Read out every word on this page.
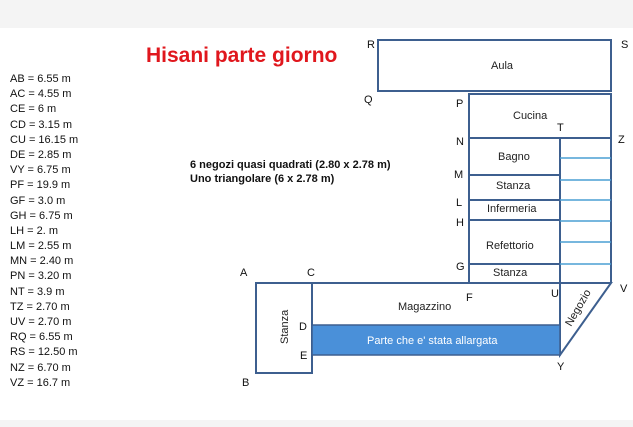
Hisani parte giorno
AB = 6.55 m
AC = 4.55 m
CE = 6 m
CD = 3.15 m
CU = 16.15 m
DE = 2.85 m
VY = 6.75 m
PF = 19.9 m
GF = 3.0 m
GH = 6.75 m
LH = 2. m
LM = 2.55 m
MN = 2.40 m
PN = 3.20 m
NT = 3.9 m
TZ = 2.70 m
UV = 2.70 m
RQ = 6.55 m
RS = 12.50 m
NZ = 6.70 m
VZ = 16.7 m
6 negozi quasi quadrati (2.80 x 2.78 m)
Uno triangolare (6 x 2.78 m)
Aula
Cucina
Bagno
Stanza
Infermeria
Refettorio
Stanza
Magazzino
Stanza	Negozio
Parte che e' stata allargata
R	S
Q	P
T
N	Z
M
L
H
G
A	C
F	U	V
D
E
Y
B
